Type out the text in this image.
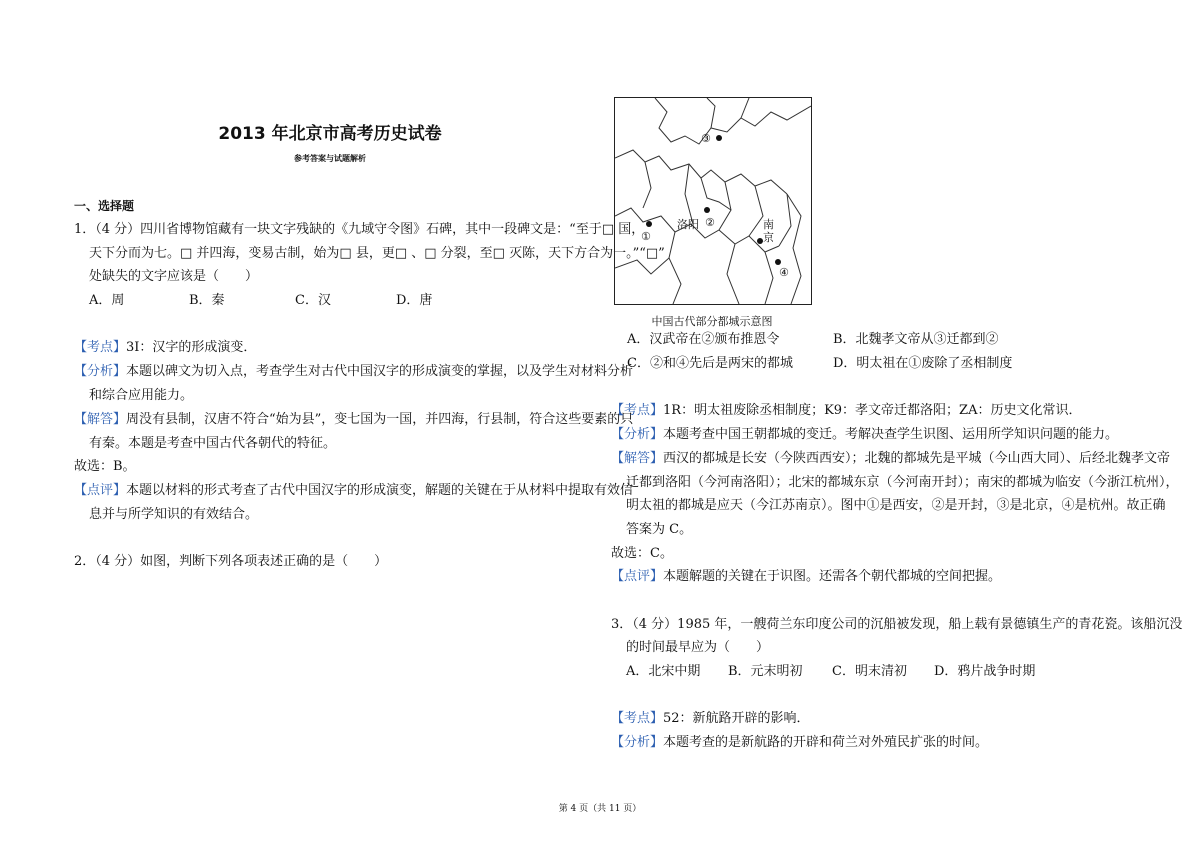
2013 年北京市高考历史试卷
参考答案与试题解析
一、选择题
1．（4 分）四川省博物馆藏有一块文字残缺的《九域守令图》石碑，其中一段碑文是：“至于□ 国，
天下分而为七。□ 并四海，变易古制，始为□ 县，更□ 、□ 分裂，至□ 灭陈，天下方合为一。”“□”
处缺失的文字应该是（　　）
A．周	B．秦	C．汉	D．唐
【考点】3I：汉字的形成演变．
【分析】本题以碑文为切入点，考查学生对古代中国汉字的形成演变的掌握，以及学生对材料分析
和综合应用能力。
【解答】周没有县制，汉唐不符合“始为县”，变七国为一国，并四海，行县制，符合这些要素的只
有秦。本题是考查中国古代各朝代的特征。
故选：B。
【点评】本题以材料的形式考查了古代中国汉字的形成演变，解题的关键在于从材料中提取有效信
息并与所学知识的有效结合。
2．（4 分）如图，判断下列各项表述正确的是（　　）
③
①
洛阳 ②	南
京
④
中国古代部分都城示意图
A．汉武帝在②颁布推恩令	B．北魏孝文帝从③迁都到②
C．②和④先后是两宋的都城	D．明太祖在①废除了丞相制度
【考点】1R：明太祖废除丞相制度；K9：孝文帝迁都洛阳；ZA：历史文化常识．
【分析】本题考查中国王朝都城的变迁。考解决查学生识图、运用所学知识问题的能力。
【解答】西汉的都城是长安（今陕西西安）；北魏的都城先是平城（今山西大同）、后经北魏孝文帝
迁都到洛阳（今河南洛阳）；北宋的都城东京（今河南开封）；南宋的都城为临安（今浙江杭州），
明太祖的都城是应天（今江苏南京）。图中①是西安，②是开封，③是北京，④是杭州。故正确
答案为 C。
故选：C。
【点评】本题解题的关键在于识图。还需各个朝代都城的空间把握。
3．（4 分）1985 年，一艘荷兰东印度公司的沉船被发现，船上载有景德镇生产的青花瓷。该船沉没
的时间最早应为（　　）
A．北宋中期 B．元末明初 C．明末清初 D．鸦片战争时期
【考点】52：新航路开辟的影响．
【分析】本题考查的是新航路的开辟和荷兰对外殖民扩张的时间。
第 4 页（共 11 页）
